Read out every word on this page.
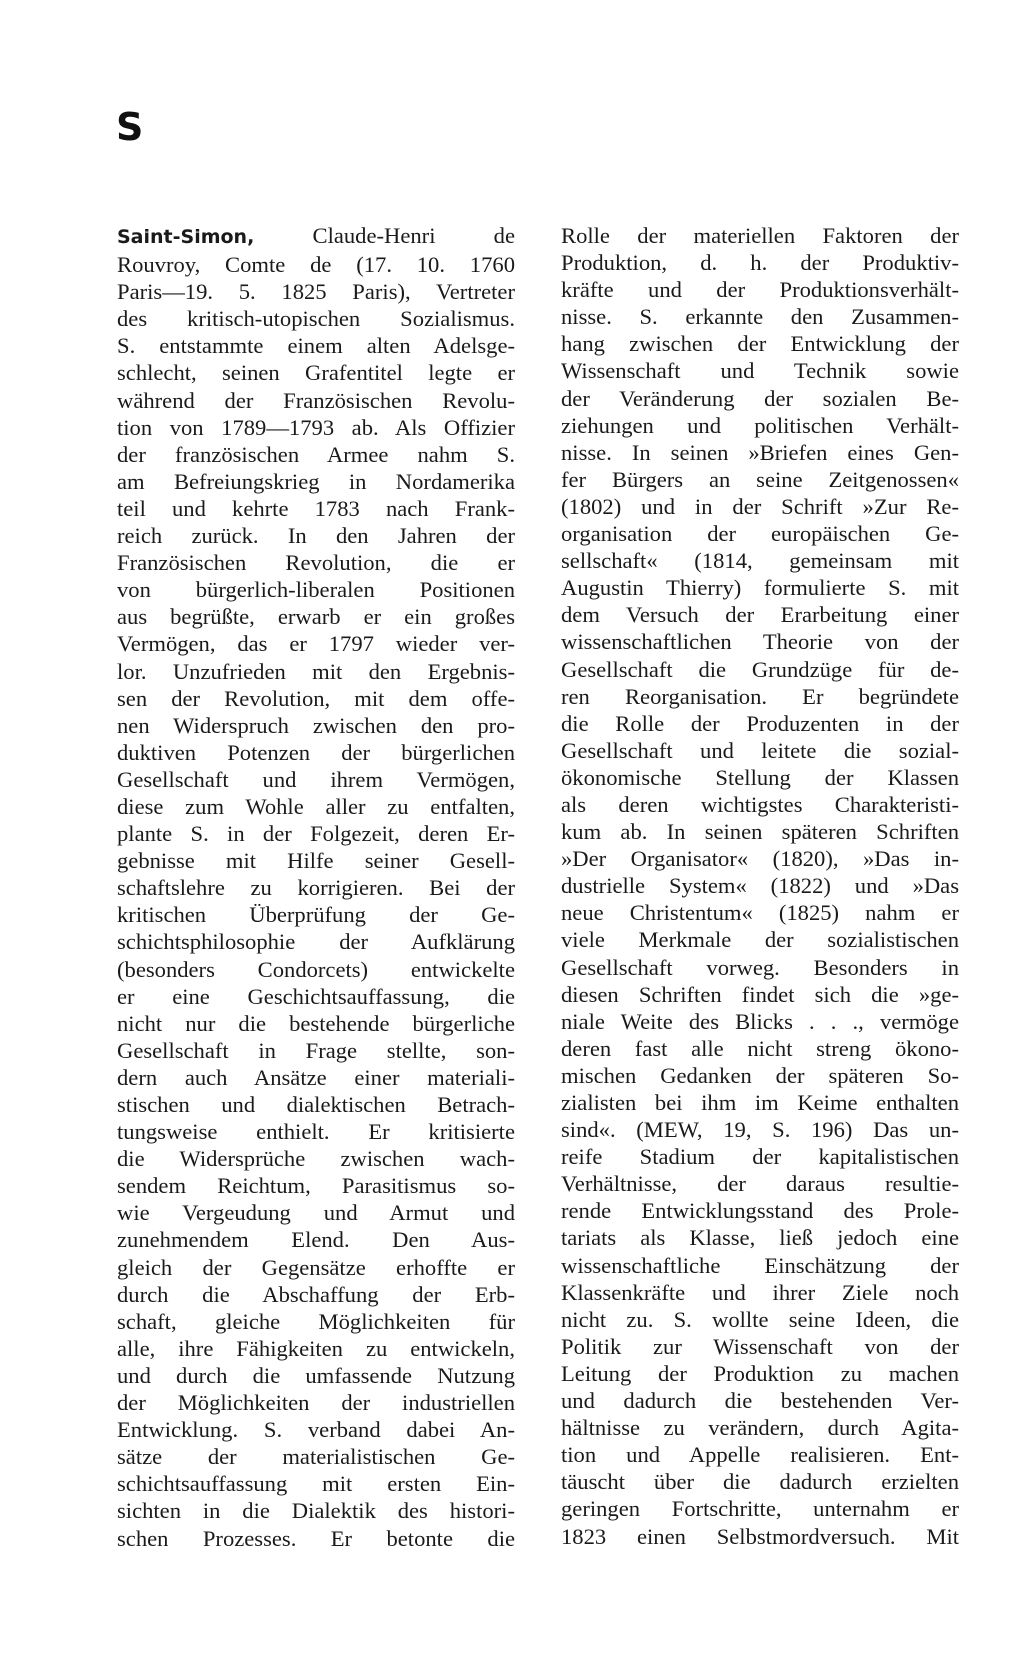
S
Saint-Simon, Claude-Henri de
Rouvroy, Comte de (17. 10. 1760
Paris—19. 5. 1825 Paris), Vertreter
des kritisch-utopischen Sozialismus.
S. entstammte einem alten Adelsge-
schlecht, seinen Grafentitel legte er
während der Französischen Revolu-
tion von 1789—1793 ab. Als Offizier
der französischen Armee nahm S.
am Befreiungskrieg in Nordamerika
teil und kehrte 1783 nach Frank-
reich zurück. In den Jahren der
Französischen Revolution, die er
von bürgerlich-liberalen Positionen
aus begrüßte, erwarb er ein großes
Vermögen, das er 1797 wieder ver-
lor. Unzufrieden mit den Ergebnis-
sen der Revolution, mit dem offe-
nen Widerspruch zwischen den pro-
duktiven Potenzen der bürgerlichen
Gesellschaft und ihrem Vermögen,
diese zum Wohle aller zu entfalten,
plante S. in der Folgezeit, deren Er-
gebnisse mit Hilfe seiner Gesell-
schaftslehre zu korrigieren. Bei der
kritischen Überprüfung der Ge-
schichtsphilosophie der Aufklärung
(besonders Condorcets) entwickelte
er eine Geschichtsauffassung, die
nicht nur die bestehende bürgerliche
Gesellschaft in Frage stellte, son-
dern auch Ansätze einer materiali-
stischen und dialektischen Betrach-
tungsweise enthielt. Er kritisierte
die Widersprüche zwischen wach-
sendem Reichtum, Parasitismus so-
wie Vergeudung und Armut und
zunehmendem Elend. Den Aus-
gleich der Gegensätze erhoffte er
durch die Abschaffung der Erb-
schaft, gleiche Möglichkeiten für
alle, ihre Fähigkeiten zu entwickeln,
und durch die umfassende Nutzung
der Möglichkeiten der industriellen
Entwicklung. S. verband dabei An-
sätze der materialistischen Ge-
schichtsauffassung mit ersten Ein-
sichten in die Dialektik des histori-
schen Prozesses. Er betonte die
Rolle der materiellen Faktoren der
Produktion, d. h. der Produktiv-
kräfte und der Produktionsverhält-
nisse. S. erkannte den Zusammen-
hang zwischen der Entwicklung der
Wissenschaft und Technik sowie
der Veränderung der sozialen Be-
ziehungen und politischen Verhält-
nisse. In seinen »Briefen eines Gen-
fer Bürgers an seine Zeitgenossen«
(1802) und in der Schrift »Zur Re-
organisation der europäischen Ge-
sellschaft« (1814, gemeinsam mit
Augustin Thierry) formulierte S. mit
dem Versuch der Erarbeitung einer
wissenschaftlichen Theorie von der
Gesellschaft die Grundzüge für de-
ren Reorganisation. Er begründete
die Rolle der Produzenten in der
Gesellschaft und leitete die sozial-
ökonomische Stellung der Klassen
als deren wichtigstes Charakteristi-
kum ab. In seinen späteren Schriften
»Der Organisator« (1820), »Das in-
dustrielle System« (1822) und »Das
neue Christentum« (1825) nahm er
viele Merkmale der sozialistischen
Gesellschaft vorweg. Besonders in
diesen Schriften findet sich die »ge-
niale Weite des Blicks . . ., vermöge
deren fast alle nicht streng ökono-
mischen Gedanken der späteren So-
zialisten bei ihm im Keime enthalten
sind«. (MEW, 19, S. 196) Das un-
reife Stadium der kapitalistischen
Verhältnisse, der daraus resultie-
rende Entwicklungsstand des Prole-
tariats als Klasse, ließ jedoch eine
wissenschaftliche Einschätzung der
Klassenkräfte und ihrer Ziele noch
nicht zu. S. wollte seine Ideen, die
Politik zur Wissenschaft von der
Leitung der Produktion zu machen
und dadurch die bestehenden Ver-
hältnisse zu verändern, durch Agita-
tion und Appelle realisieren. Ent-
täuscht über die dadurch erzielten
geringen Fortschritte, unternahm er
1823 einen Selbstmordversuch. Mit
